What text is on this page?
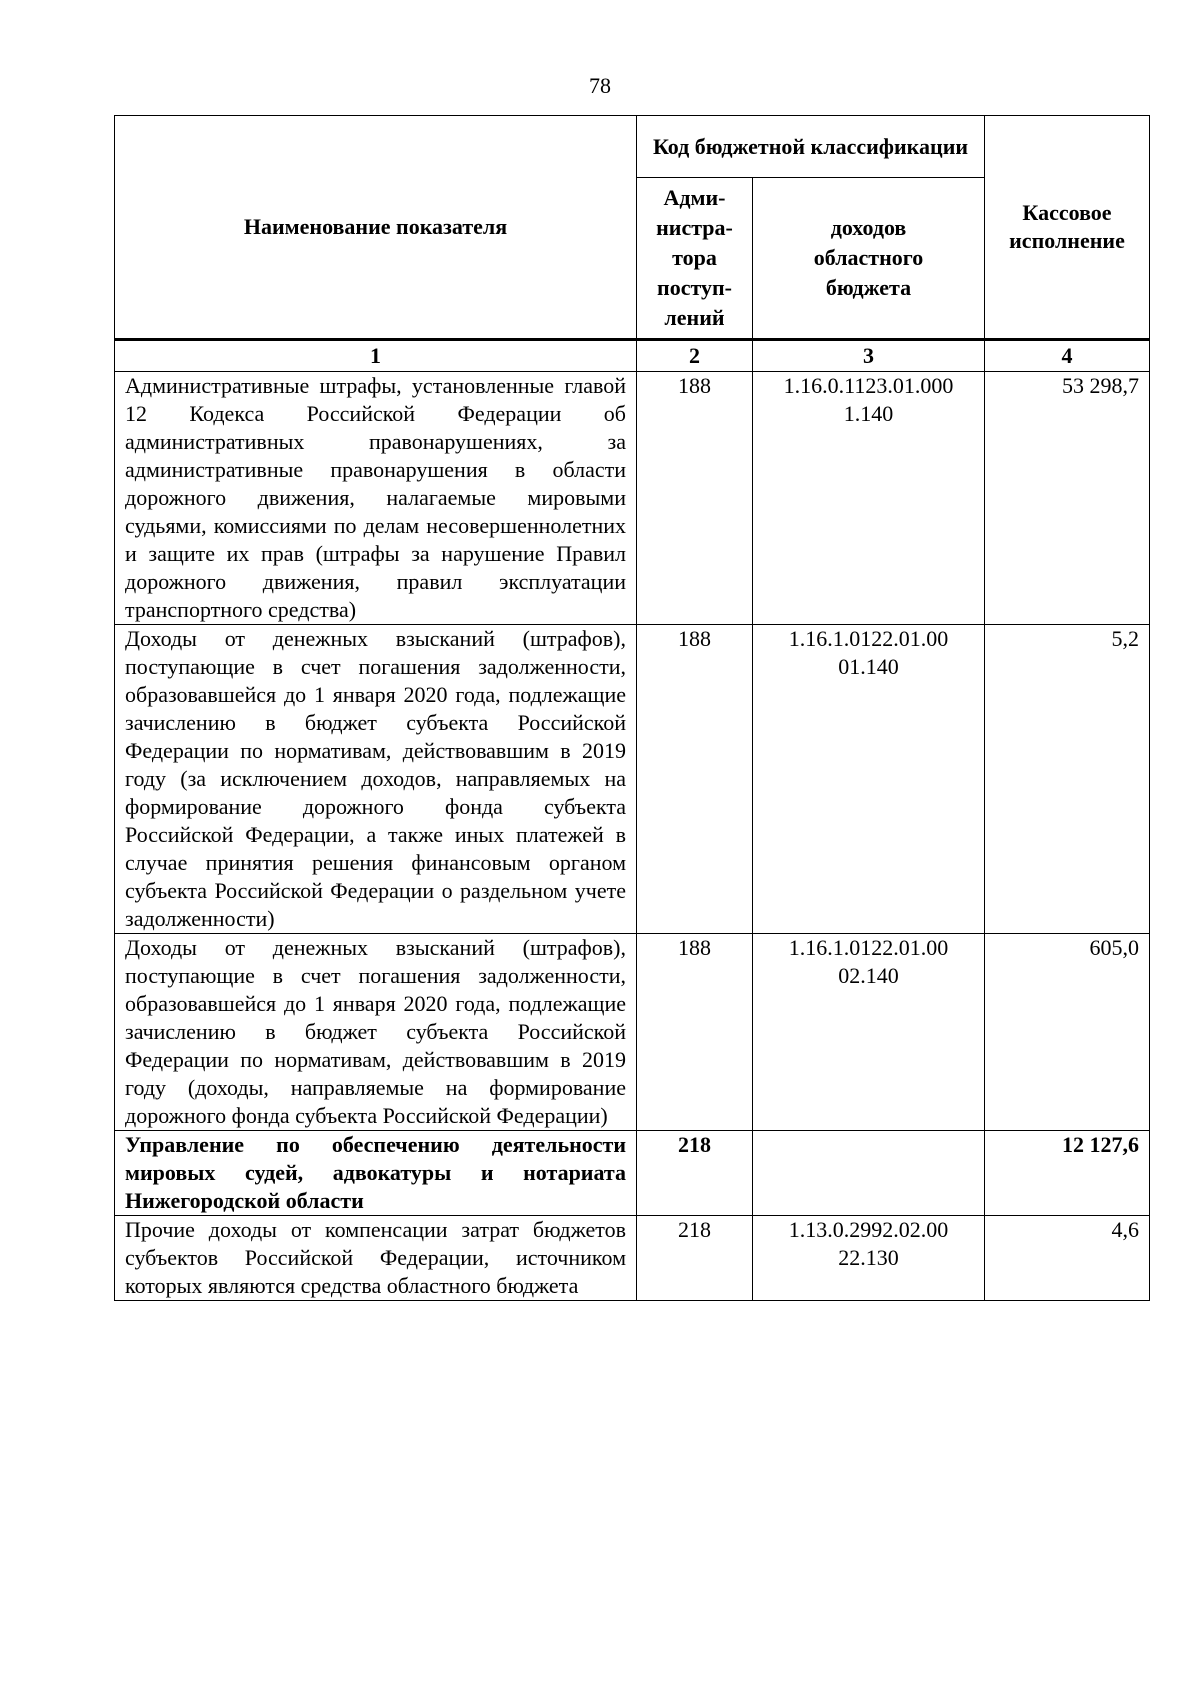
78
Наименование показателя	Код бюджетной классификации		Кассовое исполнение

	Адми-
нистра-
тора
поступ-
лений	доходов
областного
бюджета	

1	2	3	4

Административные штрафы, установленные главой 12 Кодекса Российской Федерации об административных правонарушениях, за административные правонарушения в области дорожного движения, налагаемые мировыми судьями, комиссиями по делам несовершеннолетних и защите их прав (штрафы за нарушение Правил дорожного движения, правил эксплуатации транспортного средства)	188	1.16.0.1123.01.0001.140	53 298,7

Доходы от денежных взысканий (штрафов), поступающие в счет погашения задолженности, образовавшейся до 1 января 2020 года, подлежащие зачислению в бюджет субъекта Российской Федерации по нормативам, действовавшим в 2019 году (за исключением доходов, направляемых на формирование дорожного фонда субъекта Российской Федерации, а также иных платежей в случае принятия решения финансовым органом субъекта Российской Федерации о раздельном учете задолженности)	188	1.16.1.0122.01.0001.140	5,2

Доходы от денежных взысканий (штрафов), поступающие в счет погашения задолженности, образовавшейся до 1 января 2020 года, подлежащие зачислению в бюджет субъекта Российской Федерации по нормативам, действовавшим в 2019 году (доходы, направляемые на формирование дорожного фонда субъекта Российской Федерации)	188	1.16.1.0122.01.0002.140	605,0

Управление по обеспечению деятельности мировых судей, адвокатуры и нотариата Нижегородской области	218		12 127,6

Прочие доходы от компенсации затрат бюджетов субъектов Российской Федерации, источником которых являются средства областного бюджета	218	1.13.0.2992.02.0022.130	4,6
